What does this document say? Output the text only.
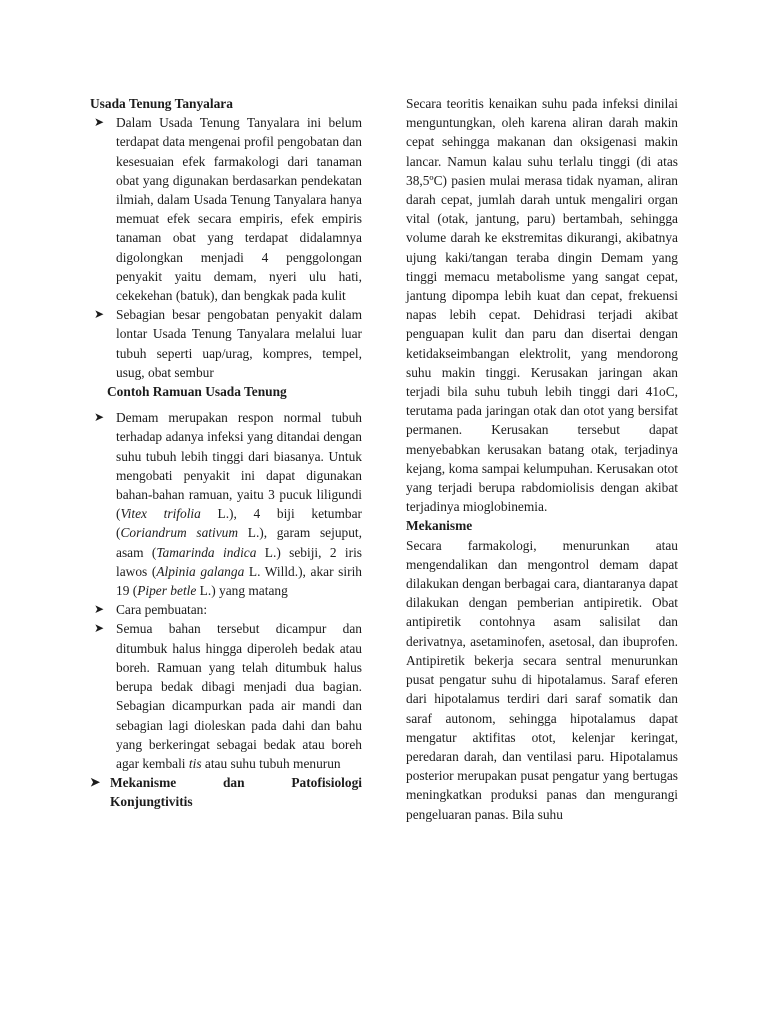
Usada Tenung Tanyalara
➤ Dalam Usada Tenung Tanyalara ini belum terdapat data mengenai profil pengobatan dan kesesuaian efek farmakologi dari tanaman obat yang digunakan berdasarkan pendekatan ilmiah, dalam Usada Tenung Tanyalara hanya memuat efek secara empiris, efek empiris tanaman obat yang terdapat didalamnya digolongkan menjadi 4 penggolongan penyakit yaitu demam, nyeri ulu hati, cekekehan (batuk), dan bengkak pada kulit
➤ Sebagian besar pengobatan penyakit dalam lontar Usada Tenung Tanyalara melalui luar tubuh seperti uap/urag, kompres, tempel, usug, obat sembur
Contoh Ramuan Usada Tenung
➤ Demam merupakan respon normal tubuh terhadap adanya infeksi yang ditandai dengan suhu tubuh lebih tinggi dari biasanya. Untuk mengobati penyakit ini dapat digunakan bahan-bahan ramuan, yaitu 3 pucuk liligundi (Vitex trifolia L.), 4 biji ketumbar (Coriandrum sativum L.), garam sejuput, asam (Tamarinda indica L.) sebiji, 2 iris lawos (Alpinia galanga L. Willd.), akar sirih 19 (Piper betle L.) yang matang
➤ Cara pembuatan:
➤ Semua bahan tersebut dicampur dan ditumbuk halus hingga diperoleh bedak atau boreh. Ramuan yang telah ditumbuk halus berupa bedak dibagi menjadi dua bagian. Sebagian dicampurkan pada air mandi dan sebagian lagi dioleskan pada dahi dan bahu yang berkeringat sebagai bedak atau boreh agar kembali tis atau suhu tubuh menurun
➤ Mekanisme	dan	Patofisiologi
Konjungtivitis

Secara teoritis kenaikan suhu pada infeksi dinilai menguntungkan, oleh karena aliran darah makin cepat sehingga makanan dan oksigenasi makin lancar. Namun kalau suhu terlalu tinggi (di atas 38,5ºC) pasien mulai merasa tidak nyaman, aliran darah cepat, jumlah darah untuk mengaliri organ vital (otak, jantung, paru) bertambah, sehingga volume darah ke ekstremitas dikurangi, akibatnya ujung kaki/tangan teraba dingin Demam yang tinggi memacu metabolisme yang sangat cepat, jantung dipompa lebih kuat dan cepat, frekuensi napas lebih cepat. Dehidrasi terjadi akibat penguapan kulit dan paru dan disertai dengan ketidakseimbangan elektrolit, yang mendorong suhu makin tinggi. Kerusakan jaringan akan terjadi bila suhu tubuh lebih tinggi dari 41oC, terutama pada jaringan otak dan otot yang bersifat permanen. Kerusakan tersebut dapat menyebabkan kerusakan batang otak, terjadinya kejang, koma sampai kelumpuhan. Kerusakan otot yang terjadi berupa rabdomiolisis dengan akibat terjadinya mioglobinemia.

Mekanisme

Secara farmakologi, menurunkan atau mengendalikan dan mengontrol demam dapat dilakukan dengan berbagai cara, diantaranya dapat dilakukan dengan pemberian antipiretik. Obat antipiretik contohnya asam salisilat dan derivatnya, asetaminofen, asetosal, dan ibuprofen. Antipiretik bekerja secara sentral menurunkan pusat pengatur suhu di hipotalamus. Saraf eferen dari hipotalamus terdiri dari saraf somatik dan saraf autonom, sehingga hipotalamus dapat mengatur aktifitas otot, kelenjar keringat, peredaran darah, dan ventilasi paru. Hipotalamus posterior merupakan pusat pengatur yang bertugas meningkatkan produksi panas dan mengurangi pengeluaran panas. Bila suhu
